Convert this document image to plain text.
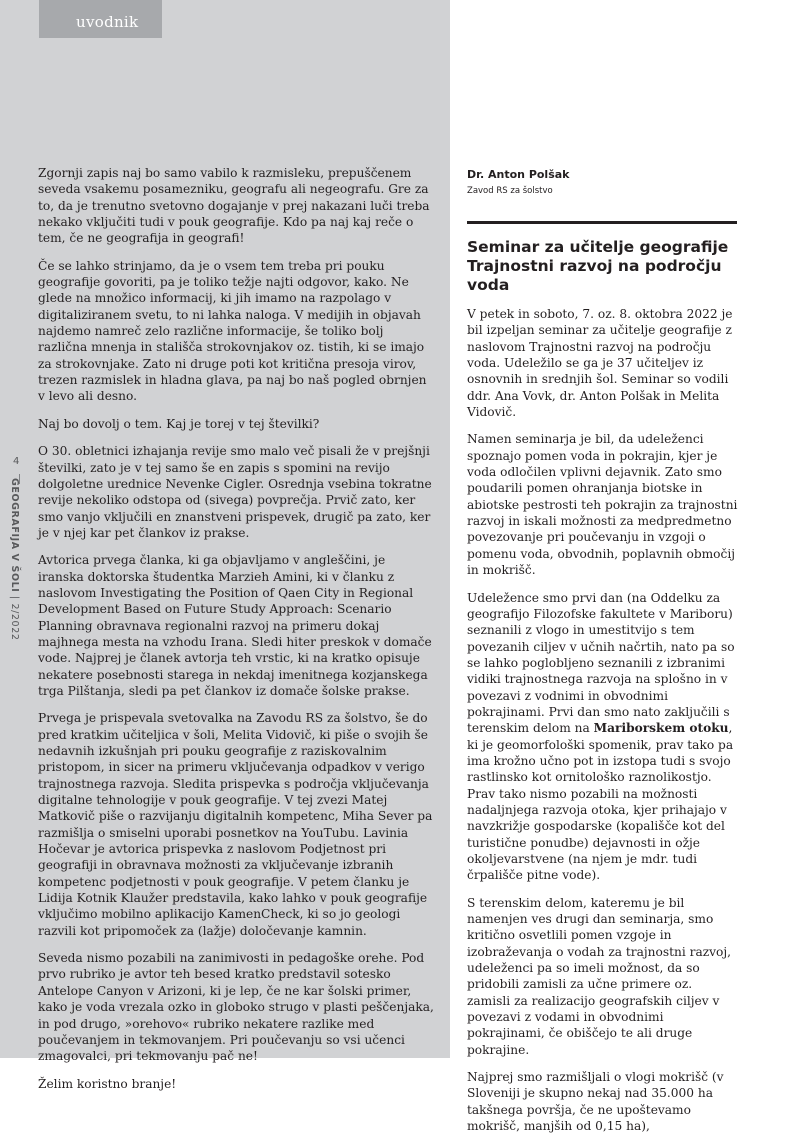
uvodnik
4
GEOGRAFIJA V ŠOLI | 2/2022

Zgornji zapis naj bo samo vabilo k razmisleku, prepuščenem seveda vsakemu posamezniku, geografu ali negeografu. Gre za to, da je trenutno svetovno dogajanje v prej nakazani luči treba nekako vključiti tudi v pouk geografije. Kdo pa naj kaj reče o tem, če ne geografija in geografi!

Če se lahko strinjamo, da je o vsem tem treba pri pouku geografije govoriti, pa je toliko težje najti odgovor, kako. Ne glede na množico informacij, ki jih imamo na razpolago v digitaliziranem svetu, to ni lahka naloga. V medijih in objavah najdemo namreč zelo različne informacije, še toliko bolj različna mnenja in stališča strokovnjakov oz. tistih, ki se imajo za strokovnjake. Zato ni druge poti kot kritična presoja virov, trezen razmislek in hladna glava, pa naj bo naš pogled obrnjen v levo ali desno.

Naj bo dovolj o tem. Kaj je torej v tej številki?

O 30. obletnici izhajanja revije smo malo več pisali že v prejšnji številki, zato je v tej samo še en zapis s spomini na revijo dolgoletne urednice Nevenke Cigler. Osrednja vsebina tokratne revije nekoliko odstopa od (sivega) povprečja. Prvič zato, ker smo vanjo vključili en znanstveni prispevek, drugič pa zato, ker je v njej kar pet člankov iz prakse.

Avtorica prvega članka, ki ga objavljamo v angleščini, je iranska doktorska študentka Marzieh Amini, ki v članku z naslovom Investigating the Position of Qaen City in Regional Development Based on Future Study Approach: Scenario Planning obravnava regionalni razvoj na primeru dokaj majhnega mesta na vzhodu Irana. Sledi hiter preskok v domače vode. Najprej je članek avtorja teh vrstic, ki na kratko opisuje nekatere posebnosti starega in nekdaj imenitnega kozjanskega trga Pilštanja, sledi pa pet člankov iz domače šolske prakse.

Prvega je prispevala svetovalka na Zavodu RS za šolstvo, še do pred kratkim učiteljica v šoli, Melita Vidovič, ki piše o svojih še nedavnih izkušnjah pri pouku geografije z raziskovalnim pristopom, in sicer na primeru vključevanja odpadkov v verigo trajnostnega razvoja. Sledita prispevka s področja vključevanja digitalne tehnologije v pouk geografije. V tej zvezi Matej Matkovič piše o razvijanju digitalnih kompetenc, Miha Sever pa razmišlja o smiselni uporabi posnetkov na YouTubu. Lavinia Hočevar je avtorica prispevka z naslovom Podjetnost pri geografiji in obravnava možnosti za vključevanje izbranih kompetenc podjetnosti v pouk geografije. V petem članku je Lidija Kotnik Klaužer predstavila, kako lahko v pouk geografije vključimo mobilno aplikacijo KamenCheck, ki so jo geologi razvili kot pripomoček za (lažje) določevanje kamnin.

Seveda nismo pozabili na zanimivosti in pedagoške orehe. Pod prvo rubriko je avtor teh besed kratko predstavil sotesko Antelope Canyon v Arizoni, ki je lep, če ne kar šolski primer, kako je voda vrezala ozko in globoko strugo v plasti peščenjaka, in pod drugo, »orehovo« rubriko nekatere razlike med poučevanjem in tekmovanjem. Pri poučevanju so vsi učenci zmagovalci, pri tekmovanju pač ne!

Želim koristno branje!

Dr. Anton Polšak

Zavod RS za šolstvo

Seminar za učitelje geografije
Trajnostni razvoj na področju voda

V petek in soboto, 7. oz. 8. oktobra 2022 je bil izpeljan seminar za učitelje geografije z naslovom Trajnostni razvoj na področju voda. Udeležilo se ga je 37 učiteljev iz osnovnih in srednjih šol. Seminar so vodili ddr. Ana Vovk, dr. Anton Polšak in Melita Vidovič.

Namen seminarja je bil, da udeleženci spoznajo pomen voda in pokrajin, kjer je voda odločilen vplivni dejavnik. Zato smo poudarili pomen ohranjanja biotske in abiotske pestrosti teh pokrajin za trajnostni razvoj in iskali možnosti za medpredmetno povezovanje pri poučevanju in vzgoji o pomenu voda, obvodnih, poplavnih območij in mokrišč.

Udeležence smo prvi dan (na Oddelku za geografijo Filozofske fakultete v Mariboru) seznanili z vlogo in umestitvijo s tem povezanih ciljev v učnih načrtih, nato pa so se lahko poglobljeno seznanili z izbranimi vidiki trajnostnega razvoja na splošno in v povezavi z vodnimi in obvodnimi pokrajinami. Prvi dan smo nato zaključili s terenskim delom na Mariborskem otoku, ki je geomorfološki spomenik, prav tako pa ima krožno učno pot in izstopa tudi s svojo rastlinsko kot ornitološko raznolikostjo. Prav tako nismo pozabili na možnosti nadaljnjega razvoja otoka, kjer prihajajo v navzkrižje gospodarske (kopališče kot del turistične ponudbe) dejavnosti in ožje okoljevarstvene (na njem je mdr. tudi črpališče pitne vode).

S terenskim delom, kateremu je bil namenjen ves drugi dan seminarja, smo kritično osvetlili pomen vzgoje in izobraževanja o vodah za trajnostni razvoj, udeleženci pa so imeli možnost, da so pridobili zamisli za učne primere oz. zamisli za realizacijo geografskih ciljev v povezavi z vodami in obvodnimi pokrajinami, če obiščejo te ali druge pokrajine.

Najprej smo razmišljali o vlogi mokrišč (v Sloveniji je skupno nekaj nad 35.000 ha takšnega površja, če ne upoštevamo mokrišč, manjših od 0,15 ha),
